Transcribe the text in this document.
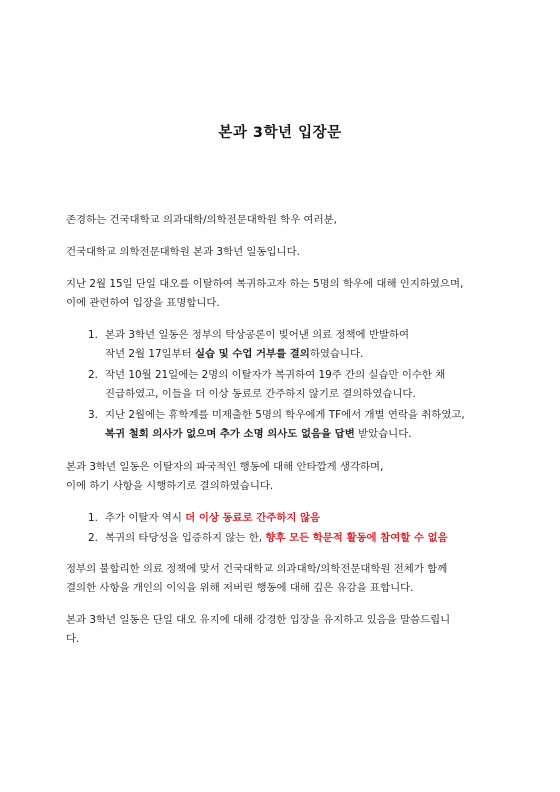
본과 3학년 입장문
존경하는 건국대학교 의과대학/의학전문대학원 학우 여러분,
건국대학교 의학전문대학원 본과 3학년 일동입니다.
지난 2월 15일 단일 대오를 이탈하여 복귀하고자 하는 5명의 학우에 대해 인지하였으며,
이에 관련하여 입장을 표명합니다.
1. 본과 3학년 일동은 정부의 탁상공론이 빚어낸 의료 정책에 반발하여
작년 2월 17일부터 실습 및 수업 거부를 결의하였습니다.
2. 작년 10월 21일에는 2명의 이탈자가 복귀하여 19주 간의 실습만 이수한 채
진급하였고, 이들을 더 이상 동료로 간주하지 않기로 결의하였습니다.
3. 지난 2월에는 휴학계를 미제출한 5명의 학우에게 TF에서 개별 연락을 취하였고,
복귀 철회 의사가 없으며 추가 소명 의사도 없음을 답변 받았습니다.
본과 3학년 일동은 이탈자의 파국적인 행동에 대해 안타깝게 생각하며,
이에 하기 사항을 시행하기로 결의하였습니다.
1. 추가 이탈자 역시 더 이상 동료로 간주하지 않음
2. 복귀의 타당성을 입증하지 않는 한, 향후 모든 학문적 활동에 참여할 수 없음
정부의 불합리한 의료 정책에 맞서 건국대학교 의과대학/의학전문대학원 전체가 함께
결의한 사항을 개인의 이익을 위해 저버린 행동에 대해 깊은 유감을 표합니다.
본과 3학년 일동은 단일 대오 유지에 대해 강경한 입장을 유지하고 있음을 말씀드립니
다.
